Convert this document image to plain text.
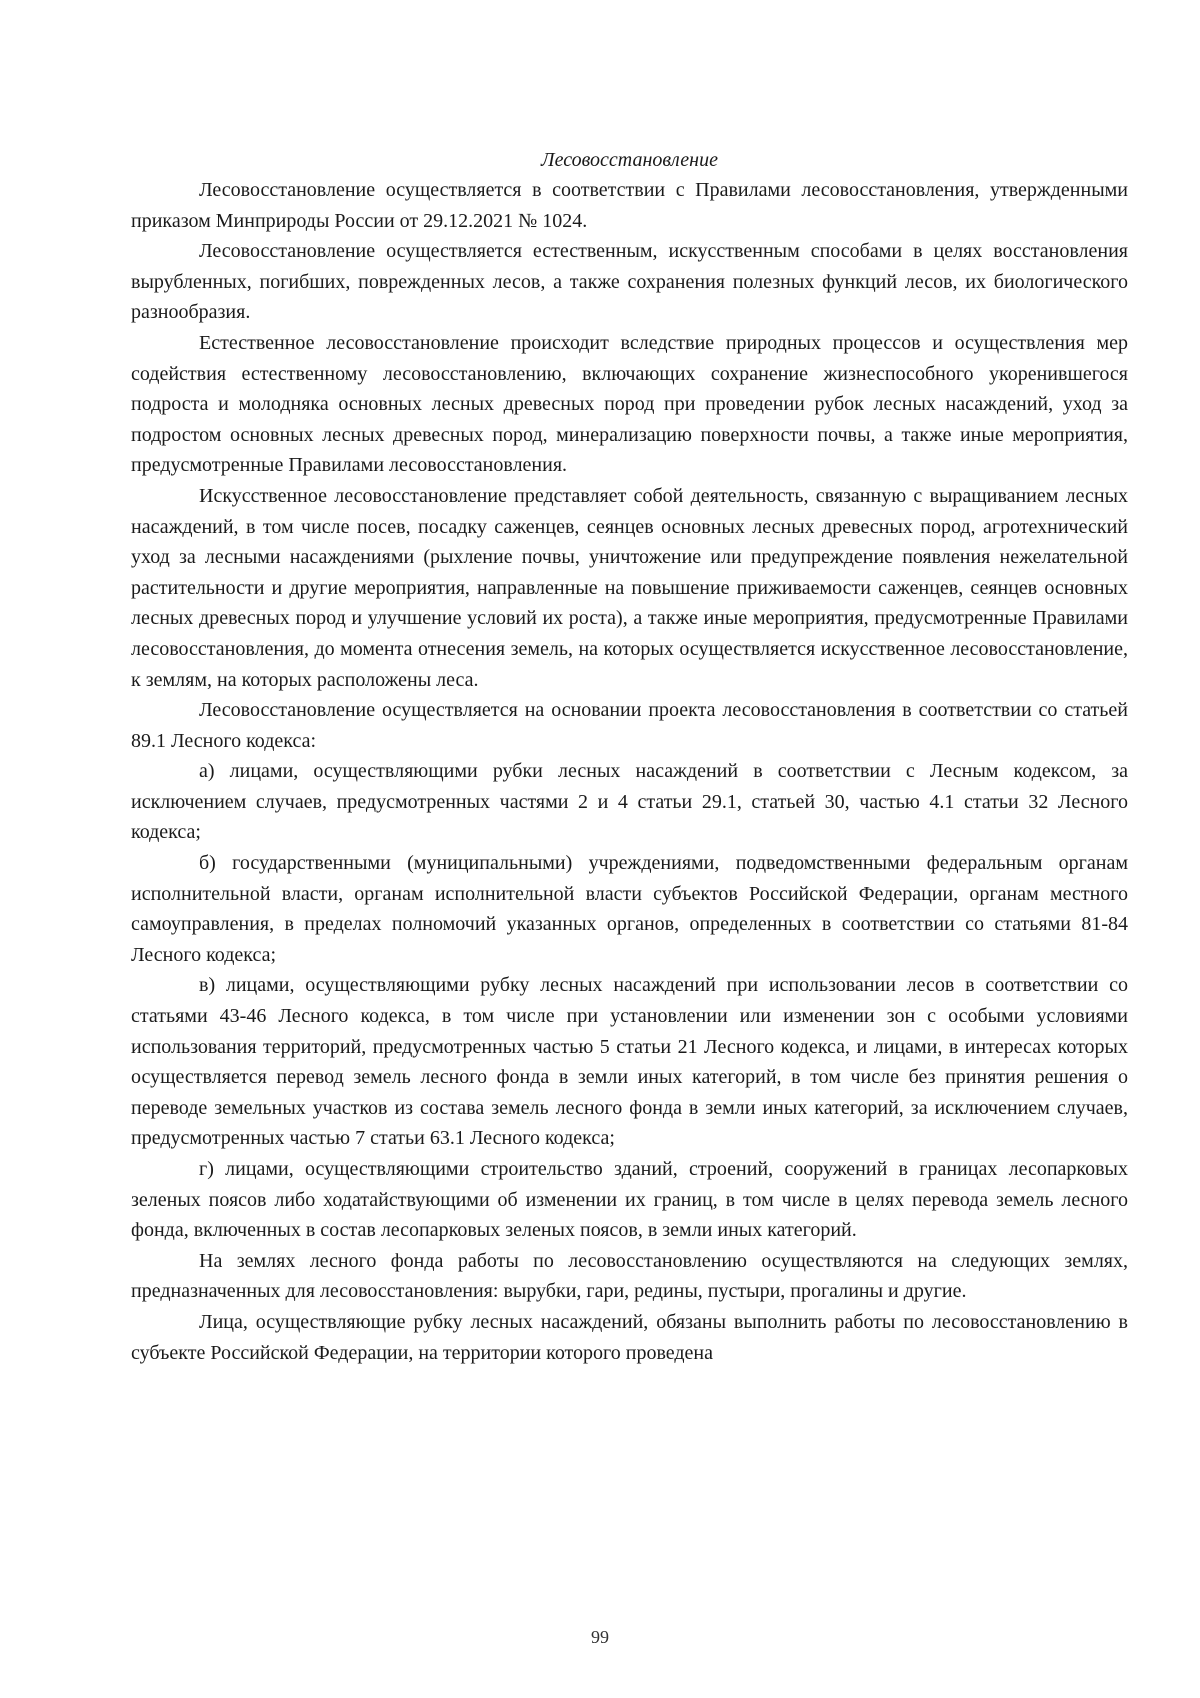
Лесовосстановление

Лесовосстановление осуществляется в соответствии с Правилами лесовосстановления, утвержденными приказом Минприроды России от 29.12.2021 № 1024.

Лесовосстановление осуществляется естественным, искусственным способами в целях восстановления вырубленных, погибших, поврежденных лесов, а также сохранения полезных функций лесов, их биологического разнообразия.

Естественное лесовосстановление происходит вследствие природных процессов и осуществления мер содействия естественному лесовосстановлению, включающих сохранение жизнеспособного укоренившегося подроста и молодняка основных лесных древесных пород при проведении рубок лесных насаждений, уход за подростом основных лесных древесных пород, минерализацию поверхности почвы, а также иные мероприятия, предусмотренные Правилами лесовосстановления.

Искусственное лесовосстановление представляет собой деятельность, связанную с выращиванием лесных насаждений, в том числе посев, посадку саженцев, сеянцев основных лесных древесных пород, агротехнический уход за лесными насаждениями (рыхление почвы, уничтожение или предупреждение появления нежелательной растительности и другие мероприятия, направленные на повышение приживаемости саженцев, сеянцев основных лесных древесных пород и улучшение условий их роста), а также иные мероприятия, предусмотренные Правилами лесовосстановления, до момента отнесения земель, на которых осуществляется искусственное лесовосстановление, к землям, на которых расположены леса.

Лесовосстановление осуществляется на основании проекта лесовосстановления в соответствии со статьей 89.1 Лесного кодекса:

а) лицами, осуществляющими рубки лесных насаждений в соответствии с Лесным кодексом, за исключением случаев, предусмотренных частями 2 и 4 статьи 29.1, статьей 30, частью 4.1 статьи 32 Лесного кодекса;

б) государственными (муниципальными) учреждениями, подведомственными федеральным органам исполнительной власти, органам исполнительной власти субъектов Российской Федерации, органам местного самоуправления, в пределах полномочий указанных органов, определенных в соответствии со статьями 81-84 Лесного кодекса;

в) лицами, осуществляющими рубку лесных насаждений при использовании лесов в соответствии со статьями 43-46 Лесного кодекса, в том числе при установлении или изменении зон с особыми условиями использования территорий, предусмотренных частью 5 статьи 21 Лесного кодекса, и лицами, в интересах которых осуществляется перевод земель лесного фонда в земли иных категорий, в том числе без принятия решения о переводе земельных участков из состава земель лесного фонда в земли иных категорий, за исключением случаев, предусмотренных частью 7 статьи 63.1 Лесного кодекса;

г) лицами, осуществляющими строительство зданий, строений, сооружений в границах лесопарковых зеленых поясов либо ходатайствующими об изменении их границ, в том числе в целях перевода земель лесного фонда, включенных в состав лесопарковых зеленых поясов, в земли иных категорий.

На землях лесного фонда работы по лесовосстановлению осуществляются на следующих землях, предназначенных для лесовосстановления: вырубки, гари, редины, пустыри, прогалины и другие.

Лица, осуществляющие рубку лесных насаждений, обязаны выполнить работы по лесовосстановлению в субъекте Российской Федерации, на территории которого проведена

99
